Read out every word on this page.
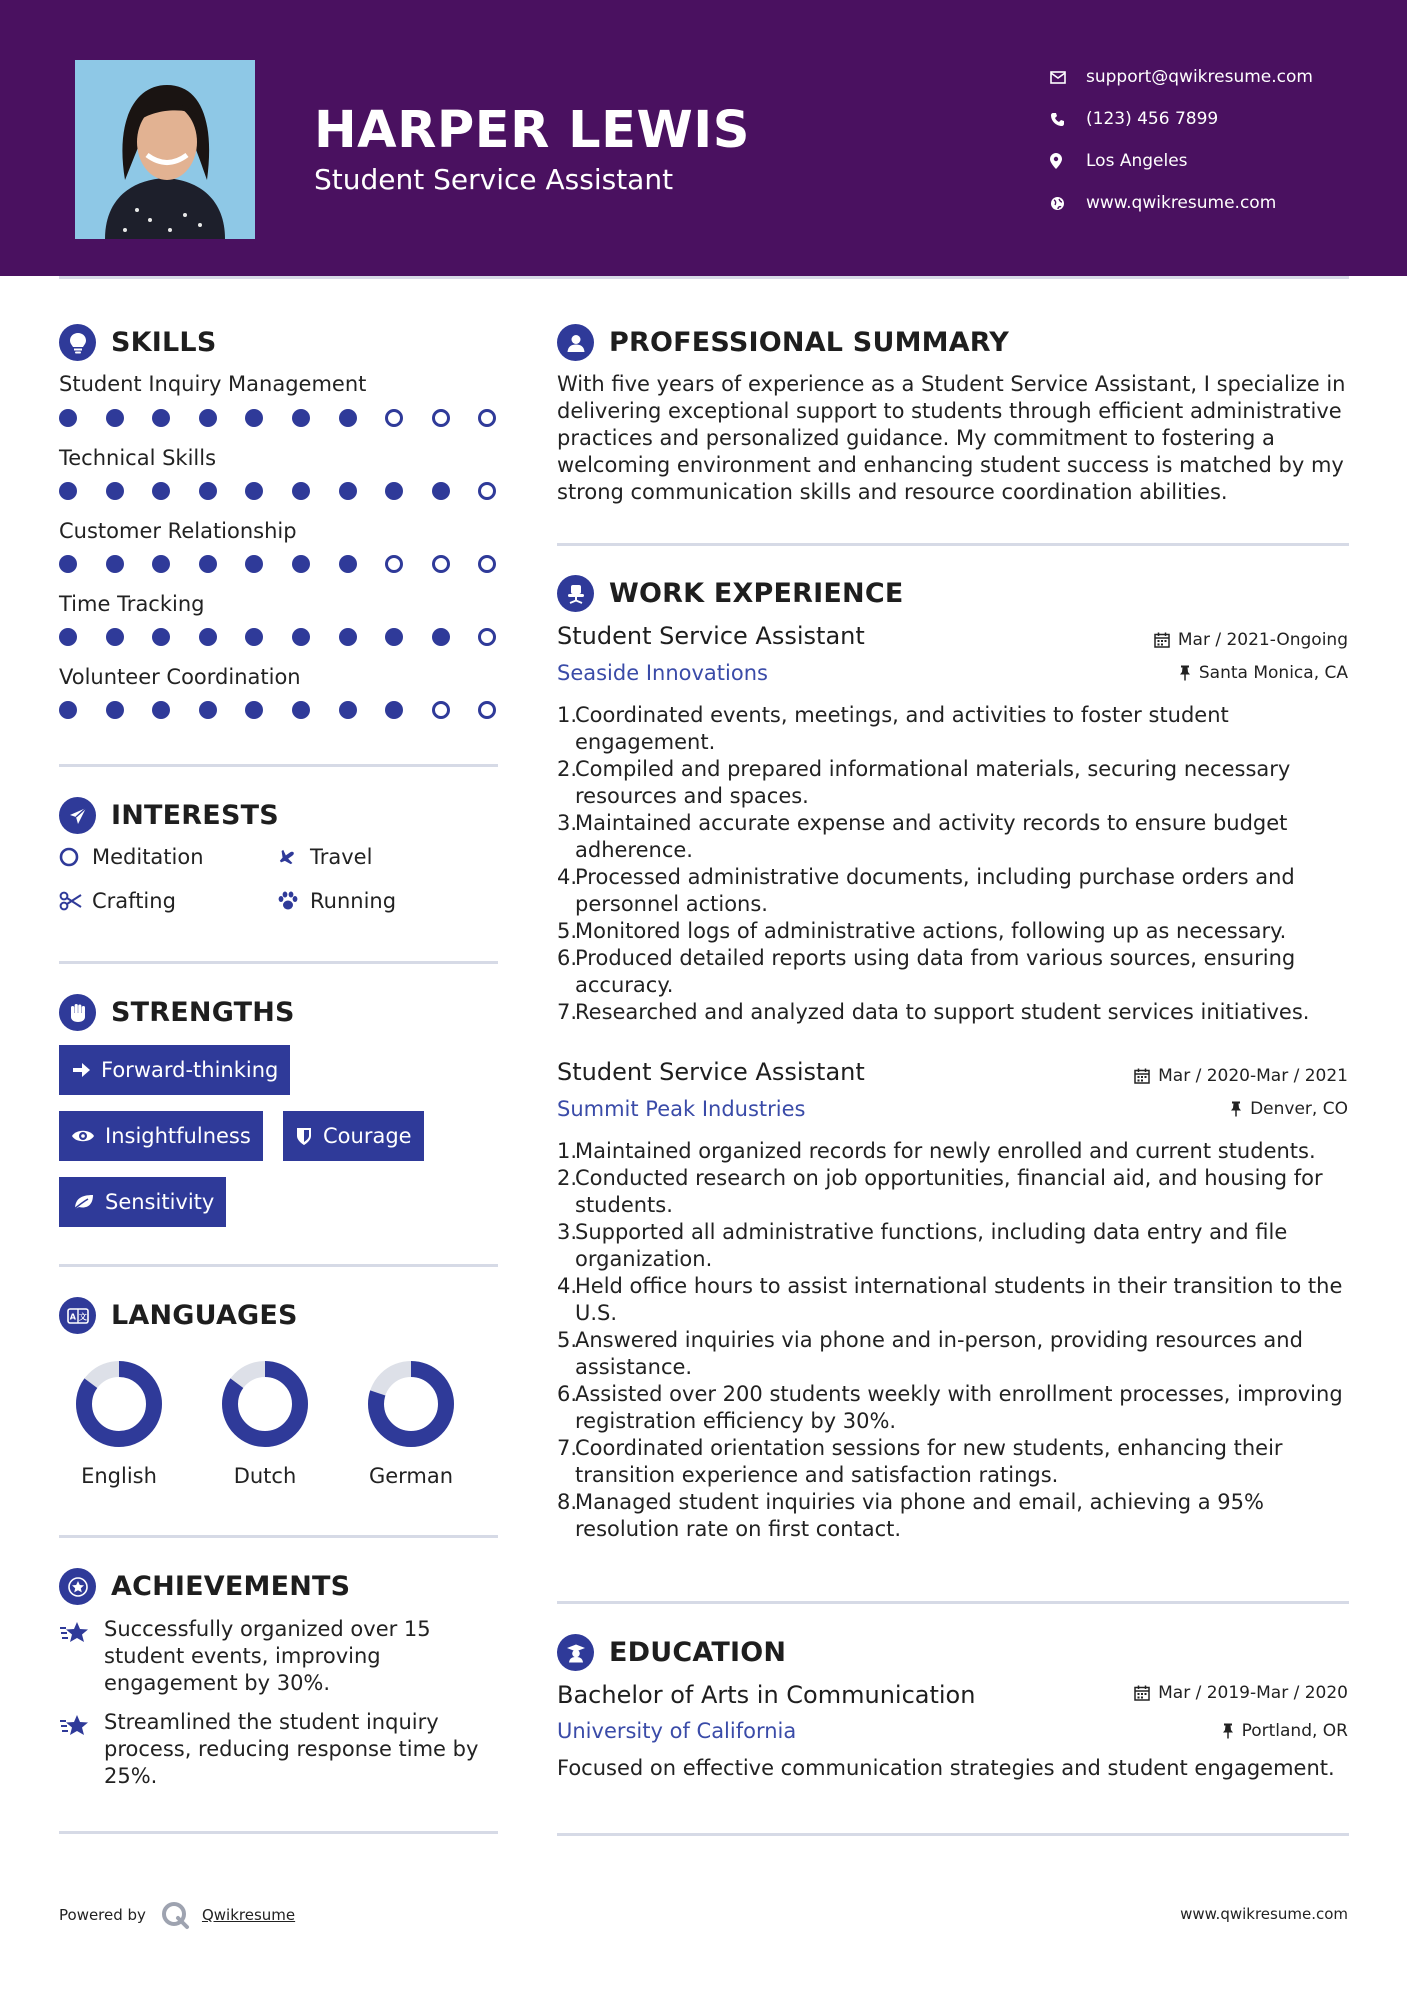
HARPER LEWIS
Student Service Assistant
support@qwikresume.com
(123) 456 7899
Los Angeles
www.qwikresume.com
SKILLS
Student Inquiry Management
Technical Skills
Customer Relationship
Time Tracking
Volunteer Coordination
INTERESTS
Meditation	Travel
Crafting	Running
STRENGTHS
Forward-thinking
Insightfulness	Courage
Sensitivity
A 文 LANGUAGES
English	Dutch	German
ACHIEVEMENTS
Successfully organized over 15 student events, improving engagement by 30%.
Streamlined the student inquiry process, reducing response time by 25%.
PROFESSIONAL SUMMARY
With five years of experience as a Student Service Assistant, I specialize in delivering exceptional support to students through efficient administrative practices and personalized guidance. My commitment to fostering a welcoming environment and enhancing student success is matched by my strong communication skills and resource coordination abilities.
WORK EXPERIENCE
Student Service Assistant	Mar / 2021-Ongoing
Seaside Innovations	Santa Monica, CA
1.
Coordinated events, meetings, and activities to foster student engagement.
2.
Compiled and prepared informational materials, securing necessary resources and spaces.
3.
Maintained accurate expense and activity records to ensure budget adherence.
4.
Processed administrative documents, including purchase orders and personnel actions.
5.
Monitored logs of administrative actions, following up as necessary.
6.
Produced detailed reports using data from various sources, ensuring accuracy.
7.
Researched and analyzed data to support student services initiatives.
Student Service Assistant	Mar / 2020-Mar / 2021
Summit Peak Industries	Denver, CO
1.
Maintained organized records for newly enrolled and current students.
2.
Conducted research on job opportunities, financial aid, and housing for students.
3.
Supported all administrative functions, including data entry and file organization.
4.
Held office hours to assist international students in their transition to the U.S.
5.
Answered inquiries via phone and in-person, providing resources and assistance.
6.
Assisted over 200 students weekly with enrollment processes, improving registration efficiency by 30%.
7.
Coordinated orientation sessions for new students, enhancing their transition experience and satisfaction ratings.
8.
Managed student inquiries via phone and email, achieving a 95% resolution rate on first contact.
EDUCATION
Bachelor of Arts in Communication	Mar / 2019-Mar / 2020
University of California	Portland, OR
Focused on effective communication strategies and student engagement.
Powered by	Qwikresume	www.qwikresume.com
